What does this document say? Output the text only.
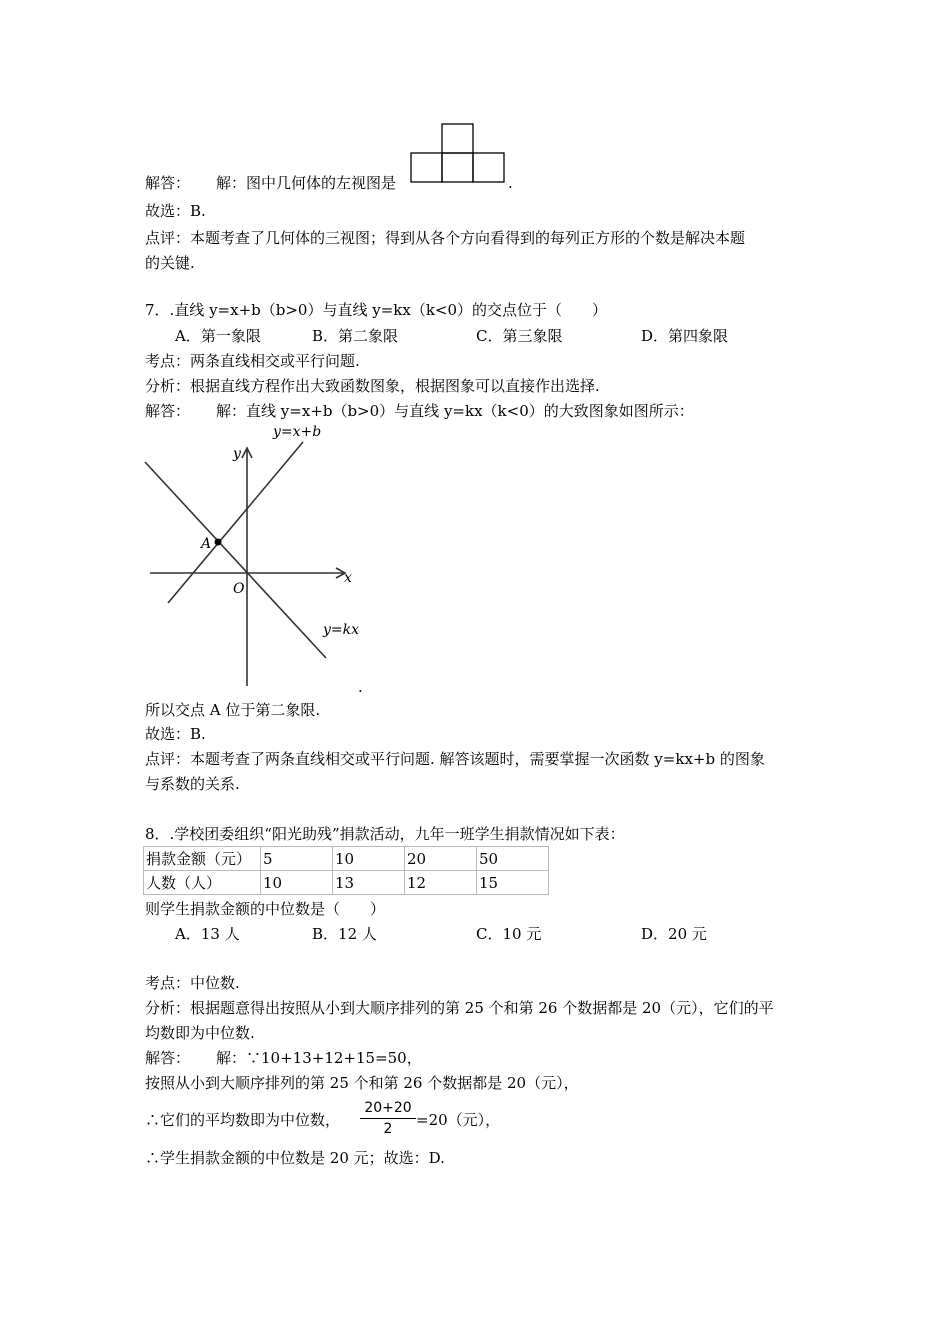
解答： 解：图中几何体的左视图是	.
故选：B.
点评：本题考查了几何体的三视图；得到从各个方向看得到的每列正方形的个数是解决本题
的关键.
7．.直线 y=x+b（b>0）与直线 y=kx（k<0）的交点位于（　　）
A．第一象限	B．第二象限	C．第三象限	D．第四象限
考点：两条直线相交或平行问题.
分析：根据直线方程作出大致函数图象，根据图象可以直接作出选择.
解答： 解：直线 y=x+b（b>0）与直线 y=kx（k<0）的大致图象如图所示：
y=x+b
y
A
x
O
y=kx
.
所以交点 A 位于第二象限.
故选：B.
点评：本题考查了两条直线相交或平行问题. 解答该题时，需要掌握一次函数 y=kx+b 的图象
与系数的关系.
8．.学校团委组织“阳光助残”捐款活动，九年一班学生捐款情况如下表：
捐款金额（元）	5	10	20	50
人数（人）	10	13	12	15
则学生捐款金额的中位数是（　　）
A．13 人	B．12 人	C．10 元	D．20 元
考点：中位数.
分析：根据题意得出按照从小到大顺序排列的第 25 个和第 26 个数据都是 20（元），它们的平
均数即为中位数.
解答： 解：∵10+13+12+15=50，
按照从小到大顺序排列的第 25 个和第 26 个数据都是 20（元），
∴它们的平均数即为中位数，
20+20
2	=20（元），
∴学生捐款金额的中位数是 20 元；故选：D.
